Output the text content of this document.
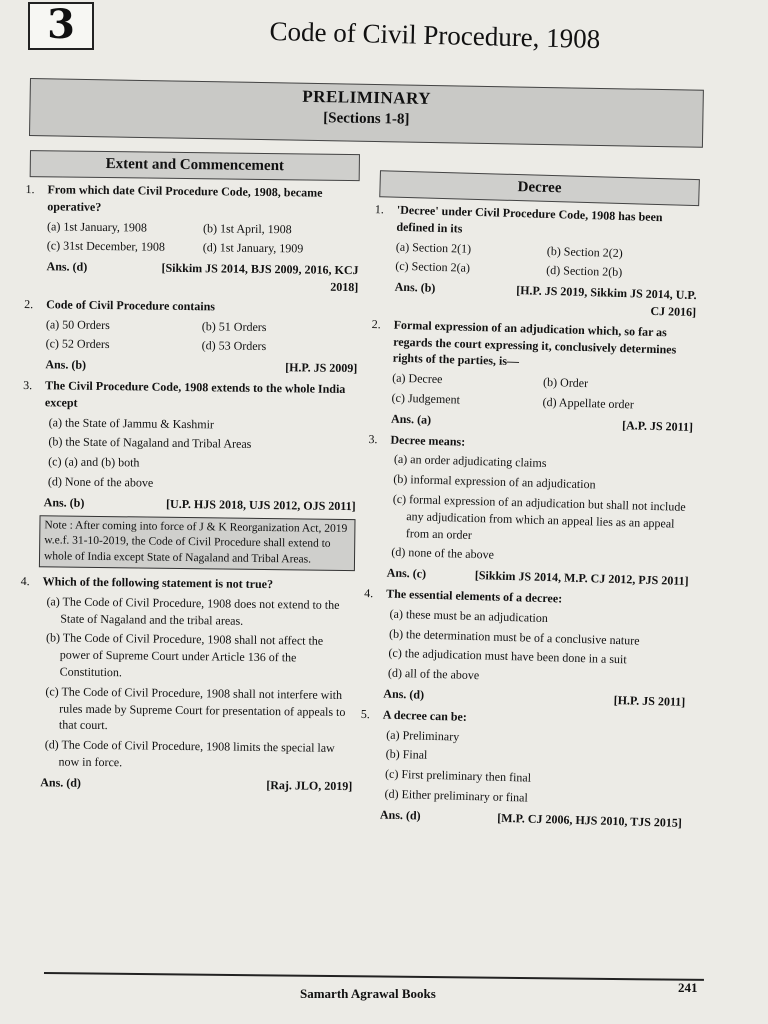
3	Code of Civil Procedure, 1908
PRELIMINARY
[Sections 1-8]
Extent and Commencement
1. From which date Civil Procedure Code, 1908, became operative?
(a) 1st January, 1908	(b) 1st April, 1908
(c) 31st December, 1908	(d) 1st January, 1909
Ans. (d)	[Sikkim JS 2014, BJS 2009, 2016, KCJ 2018]
2. Code of Civil Procedure contains
(a) 50 Orders	(b) 51 Orders
(c) 52 Orders	(d) 53 Orders
Ans. (b)	[H.P. JS 2009]
3. The Civil Procedure Code, 1908 extends to the whole India except
(a) the State of Jammu & Kashmir
(b) the State of Nagaland and Tribal Areas
(c) (a) and (b) both
(d) None of the above
Ans. (b)	[U.P. HJS 2018, UJS 2012, OJS 2011]
Note : After coming into force of J & K Reorganization Act, 2019 w.e.f. 31-10-2019, the Code of Civil Procedure shall extend to whole of India except State of Nagaland and Tribal Areas.
4. Which of the following statement is not true?
(a) The Code of Civil Procedure, 1908 does not extend to the State of Nagaland and the tribal areas.
(b) The Code of Civil Procedure, 1908 shall not affect the power of Supreme Court under Article 136 of the Constitution.
(c) The Code of Civil Procedure, 1908 shall not interfere with rules made by Supreme Court for presentation of appeals to that court.
(d) The Code of Civil Procedure, 1908 limits the special law now in force.
Ans. (d)	[Raj. JLO, 2019]
Decree
1. 'Decree' under Civil Procedure Code, 1908 has been defined in its
(a) Section 2(1)	(b) Section 2(2)
(c) Section 2(a)	(d) Section 2(b)
Ans. (b)	[H.P. JS 2019, Sikkim JS 2014, U.P. CJ 2016]
2. Formal expression of an adjudication which, so far as regards the court expressing it, conclusively determines rights of the parties, is—
(a) Decree	(b) Order
(c) Judgement	(d) Appellate order
Ans. (a)	[A.P. JS 2011]
3. Decree means:
(a) an order adjudicating claims
(b) informal expression of an adjudication
(c) formal expression of an adjudication but shall not include any adjudication from which an appeal lies as an appeal from an order
(d) none of the above
Ans. (c)	[Sikkim JS 2014, M.P. CJ 2012, PJS 2011]
4. The essential elements of a decree:
(a) these must be an adjudication
(b) the determination must be of a conclusive nature
(c) the adjudication must have been done in a suit
(d) all of the above
Ans. (d)	[H.P. JS 2011]
5. A decree can be:
(a) Preliminary
(b) Final
(c) First preliminary then final
(d) Either preliminary or final
Ans. (d)	[M.P. CJ 2006, HJS 2010, TJS 2015]
Samarth Agrawal Books	241
